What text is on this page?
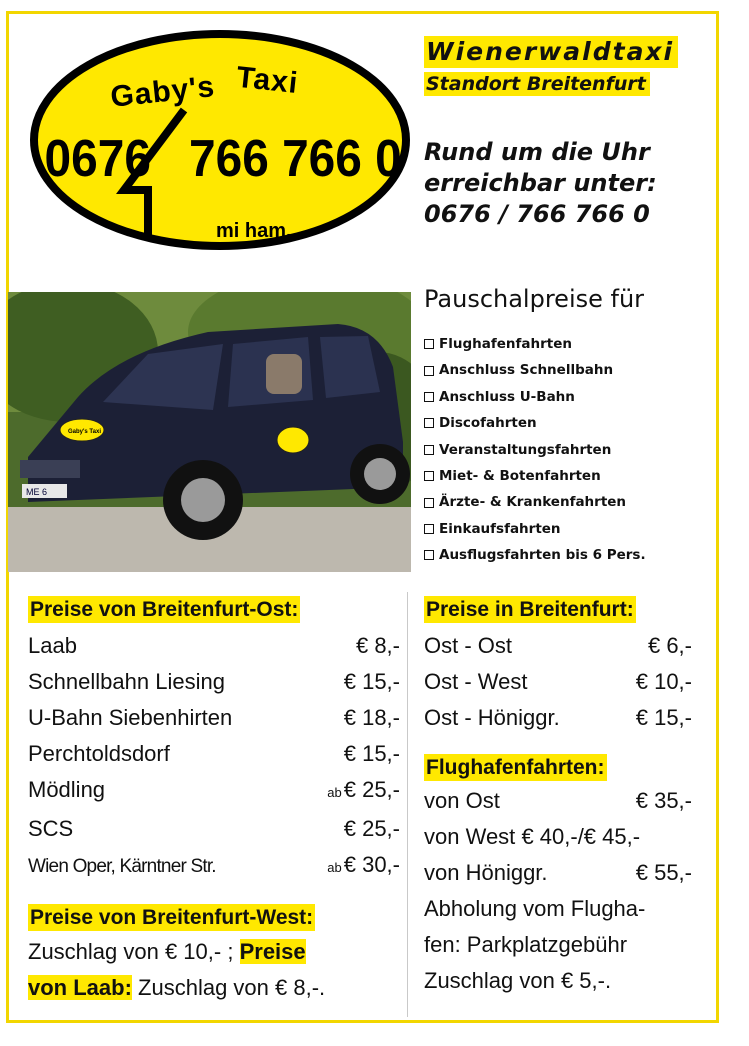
Gaby's Taxi
0676 766 766 0
mi ham...
Wienerwaldtaxi
Standort Breitenfurt
Rund um die Uhr
erreichbar unter:
0676 / 766 766 0
Gaby's Taxi
ME 6
Pauschalpreise für
Flughafenfahrten
Anschluss Schnellbahn
Anschluss U-Bahn
Discofahrten
Veranstaltungsfahrten
Miet- & Botenfahrten
Ärzte- & Krankenfahrten
Einkaufsfahrten
Ausflugsfahrten bis 6 Pers.
Preise von Breitenfurt-Ost:
Laab	€ 8,-
Schnellbahn Liesing	€ 15,-
U-Bahn Siebenhirten	€ 18,-
Perchtoldsdorf	€ 15,-
Mödling	ab€ 25,-
SCS	€ 25,-
Wien Oper, Kärntner Str.	ab€ 30,-
Preise von Breitenfurt-West:
Zuschlag von € 10,- ; Preise
von Laab: Zuschlag von € 8,-.
Preise in Breitenfurt:
Ost - Ost	€ 6,-
Ost - West	€ 10,-
Ost - Höniggr.	€ 15,-
Flughafenfahrten:
von Ost	€ 35,-
von West € 40,-/€ 45,-
von Höniggr.	€ 55,-
Abholung vom Flugha-
fen: Parkplatzgebühr
Zuschlag von € 5,-.
